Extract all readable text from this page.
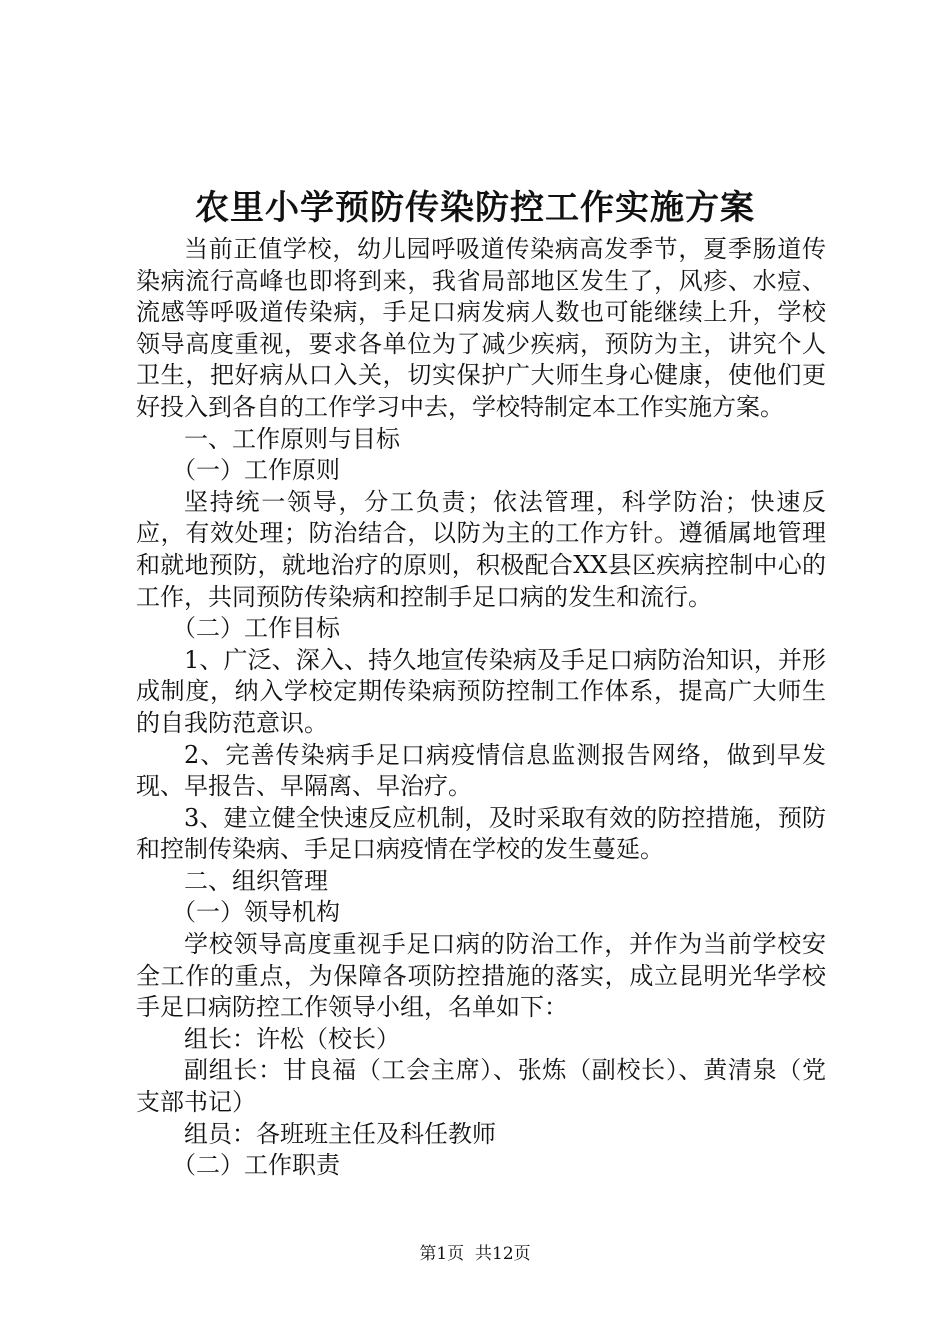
农里小学预防传染防控工作实施方案

当前正值学校，幼儿园呼吸道传染病高发季节，夏季肠道传染病流行高峰也即将到来，我省局部地区发生了，风疹、水痘、流感等呼吸道传染病，手足口病发病人数也可能继续上升，学校领导高度重视，要求各单位为了减少疾病，预防为主，讲究个人卫生，把好病从口入关，切实保护广大师生身心健康，使他们更好投入到各自的工作学习中去，学校特制定本工作实施方案。

一、工作原则与目标

（一）工作原则

坚持统一领导，分工负责；依法管理，科学防治；快速反应，有效处理；防治结合，以防为主的工作方针。遵循属地管理和就地预防，就地治疗的原则，积极配合XX县区疾病控制中心的工作，共同预防传染病和控制手足口病的发生和流行。

（二）工作目标

1、广泛、深入、持久地宣传染病及手足口病防治知识，并形成制度，纳入学校定期传染病预防控制工作体系，提高广大师生的自我防范意识。

2、完善传染病手足口病疫情信息监测报告网络，做到早发现、早报告、早隔离、早治疗。

3、建立健全快速反应机制，及时采取有效的防控措施，预防和控制传染病、手足口病疫情在学校的发生蔓延。

二、组织管理

（一）领导机构

学校领导高度重视手足口病的防治工作，并作为当前学校安全工作的重点，为保障各项防控措施的落实，成立昆明光华学校手足口病防控工作领导小组，名单如下：

组长：许松（校长）

副组长：甘良福（工会主席）、张炼（副校长）、黄清泉（党支部书记）

组员：各班班主任及科任教师

（二）工作职责

第1页 共12页
